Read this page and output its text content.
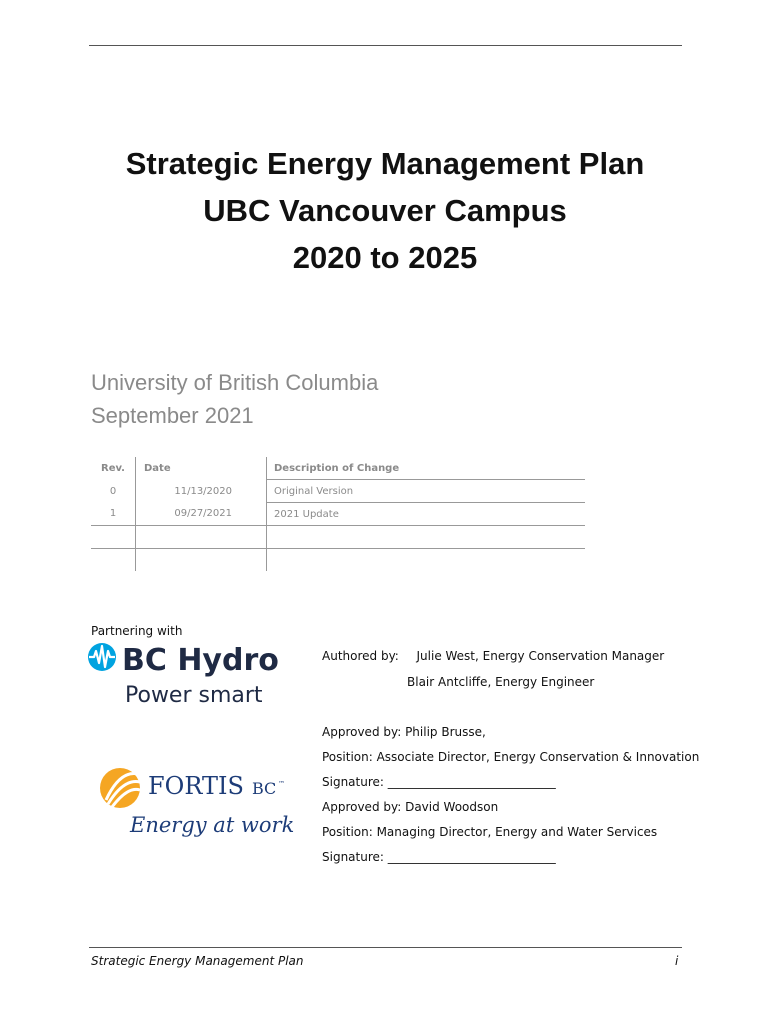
Strategic Energy Management Plan
UBC Vancouver Campus
2020 to 2025
University of British Columbia
September 2021
Rev.	Date	Description of Change
0	11/13/2020	Original Version
1	09/27/2021	2021 Update

Partnering with
BC Hydro
Power smart
FORTIS BC ™
Energy at work
Authored by: Julie West, Energy Conservation Manager
Blair Antcliffe, Energy Engineer
Approved by: Philip Brusse,
Position: Associate Director, Energy Conservation & Innovation
Signature: ____________________________
Approved by: David Woodson
Position: Managing Director, Energy and Water Services
Signature: ____________________________
Strategic Energy Management Plan	i
